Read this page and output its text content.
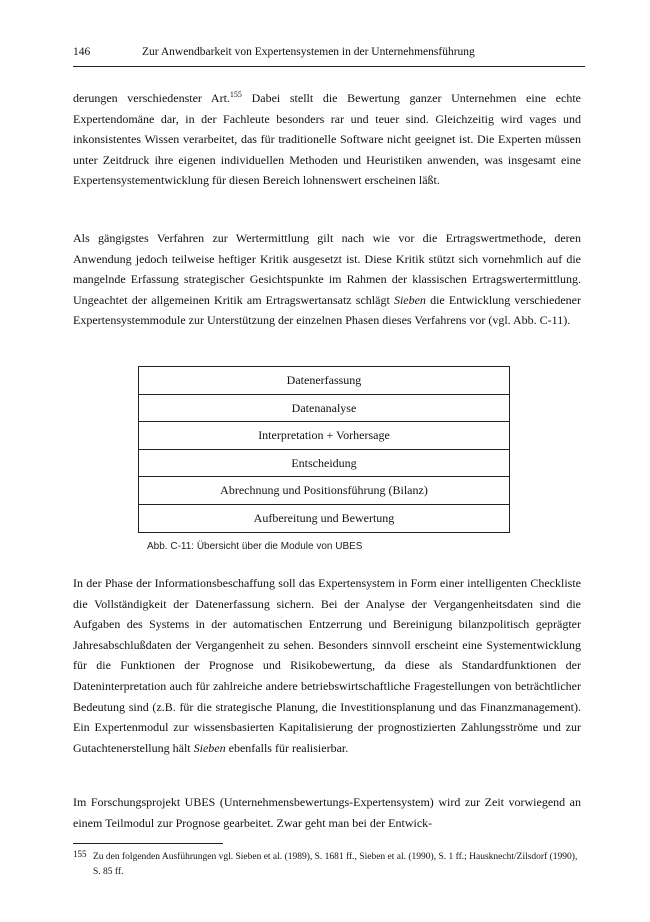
146	Zur Anwendbarkeit von Expertensystemen in der Unternehmensführung

derungen verschiedenster Art.$^{155}$ Dabei stellt die Bewertung ganzer Unternehmen eine echte Expertendomäne dar, in der Fachleute besonders rar und teuer sind. Gleichzeitig wird vages und inkonsistentes Wissen verarbeitet, das für traditionelle Software nicht geeignet ist. Die Experten müssen unter Zeitdruck ihre eigenen individuellen Methoden und Heuristiken anwenden, was insgesamt eine Expertensystementwicklung für diesen Bereich lohnenswert erscheinen läßt.

Als gängigstes Verfahren zur Wertermittlung gilt nach wie vor die Ertragswertmethode, deren Anwendung jedoch teilweise heftiger Kritik ausgesetzt ist. Diese Kritik stützt sich vornehmlich auf die mangelnde Erfassung strategischer Gesichtspunkte im Rahmen der klassischen Ertragswertermittlung. Ungeachtet der allgemeinen Kritik am Ertragswertansatz schlägt Sieben die Entwicklung verschiedener Expertensystemmodule zur Unterstützung der einzelnen Phasen dieses Verfahrens vor (vgl. Abb. C-11).

Datenerfassung
Datenanalyse
Interpretation + Vorhersage
Entscheidung
Abrechnung und Positionsführung (Bilanz)
Aufbereitung und Bewertung
Abb. C-11: Übersicht über die Module von UBES

In der Phase der Informationsbeschaffung soll das Expertensystem in Form einer intelligenten Checkliste die Vollständigkeit der Datenerfassung sichern. Bei der Analyse der Vergangenheitsdaten sind die Aufgaben des Systems in der automatischen Entzerrung und Bereinigung bilanzpolitisch geprägter Jahresabschlußdaten der Vergangenheit zu sehen. Besonders sinnvoll erscheint eine Systementwicklung für die Funktionen der Prognose und Risikobewertung, da diese als Standardfunktionen der Dateninterpretation auch für zahlreiche andere betriebswirtschaftliche Fragestellungen von beträchtlicher Bedeutung sind (z.B. für die strategische Planung, die Investitionsplanung und das Finanzmanagement). Ein Expertenmodul zur wissensbasierten Kapitalisierung der prognostizierten Zahlungsströme und zur Gutachtenerstellung hält Sieben ebenfalls für realisierbar.

Im Forschungsprojekt UBES (Unternehmensbewertungs-Expertensystem) wird zur Zeit vorwiegend an einem Teilmodul zur Prognose gearbeitet. Zwar geht man bei der Entwick-

155 Zu den folgenden Ausführungen vgl. Sieben et al. (1989), S. 1681 ff., Sieben et al. (1990), S. 1 ff.; Hausknecht/Zilsdorf (1990), S. 85 ff.
